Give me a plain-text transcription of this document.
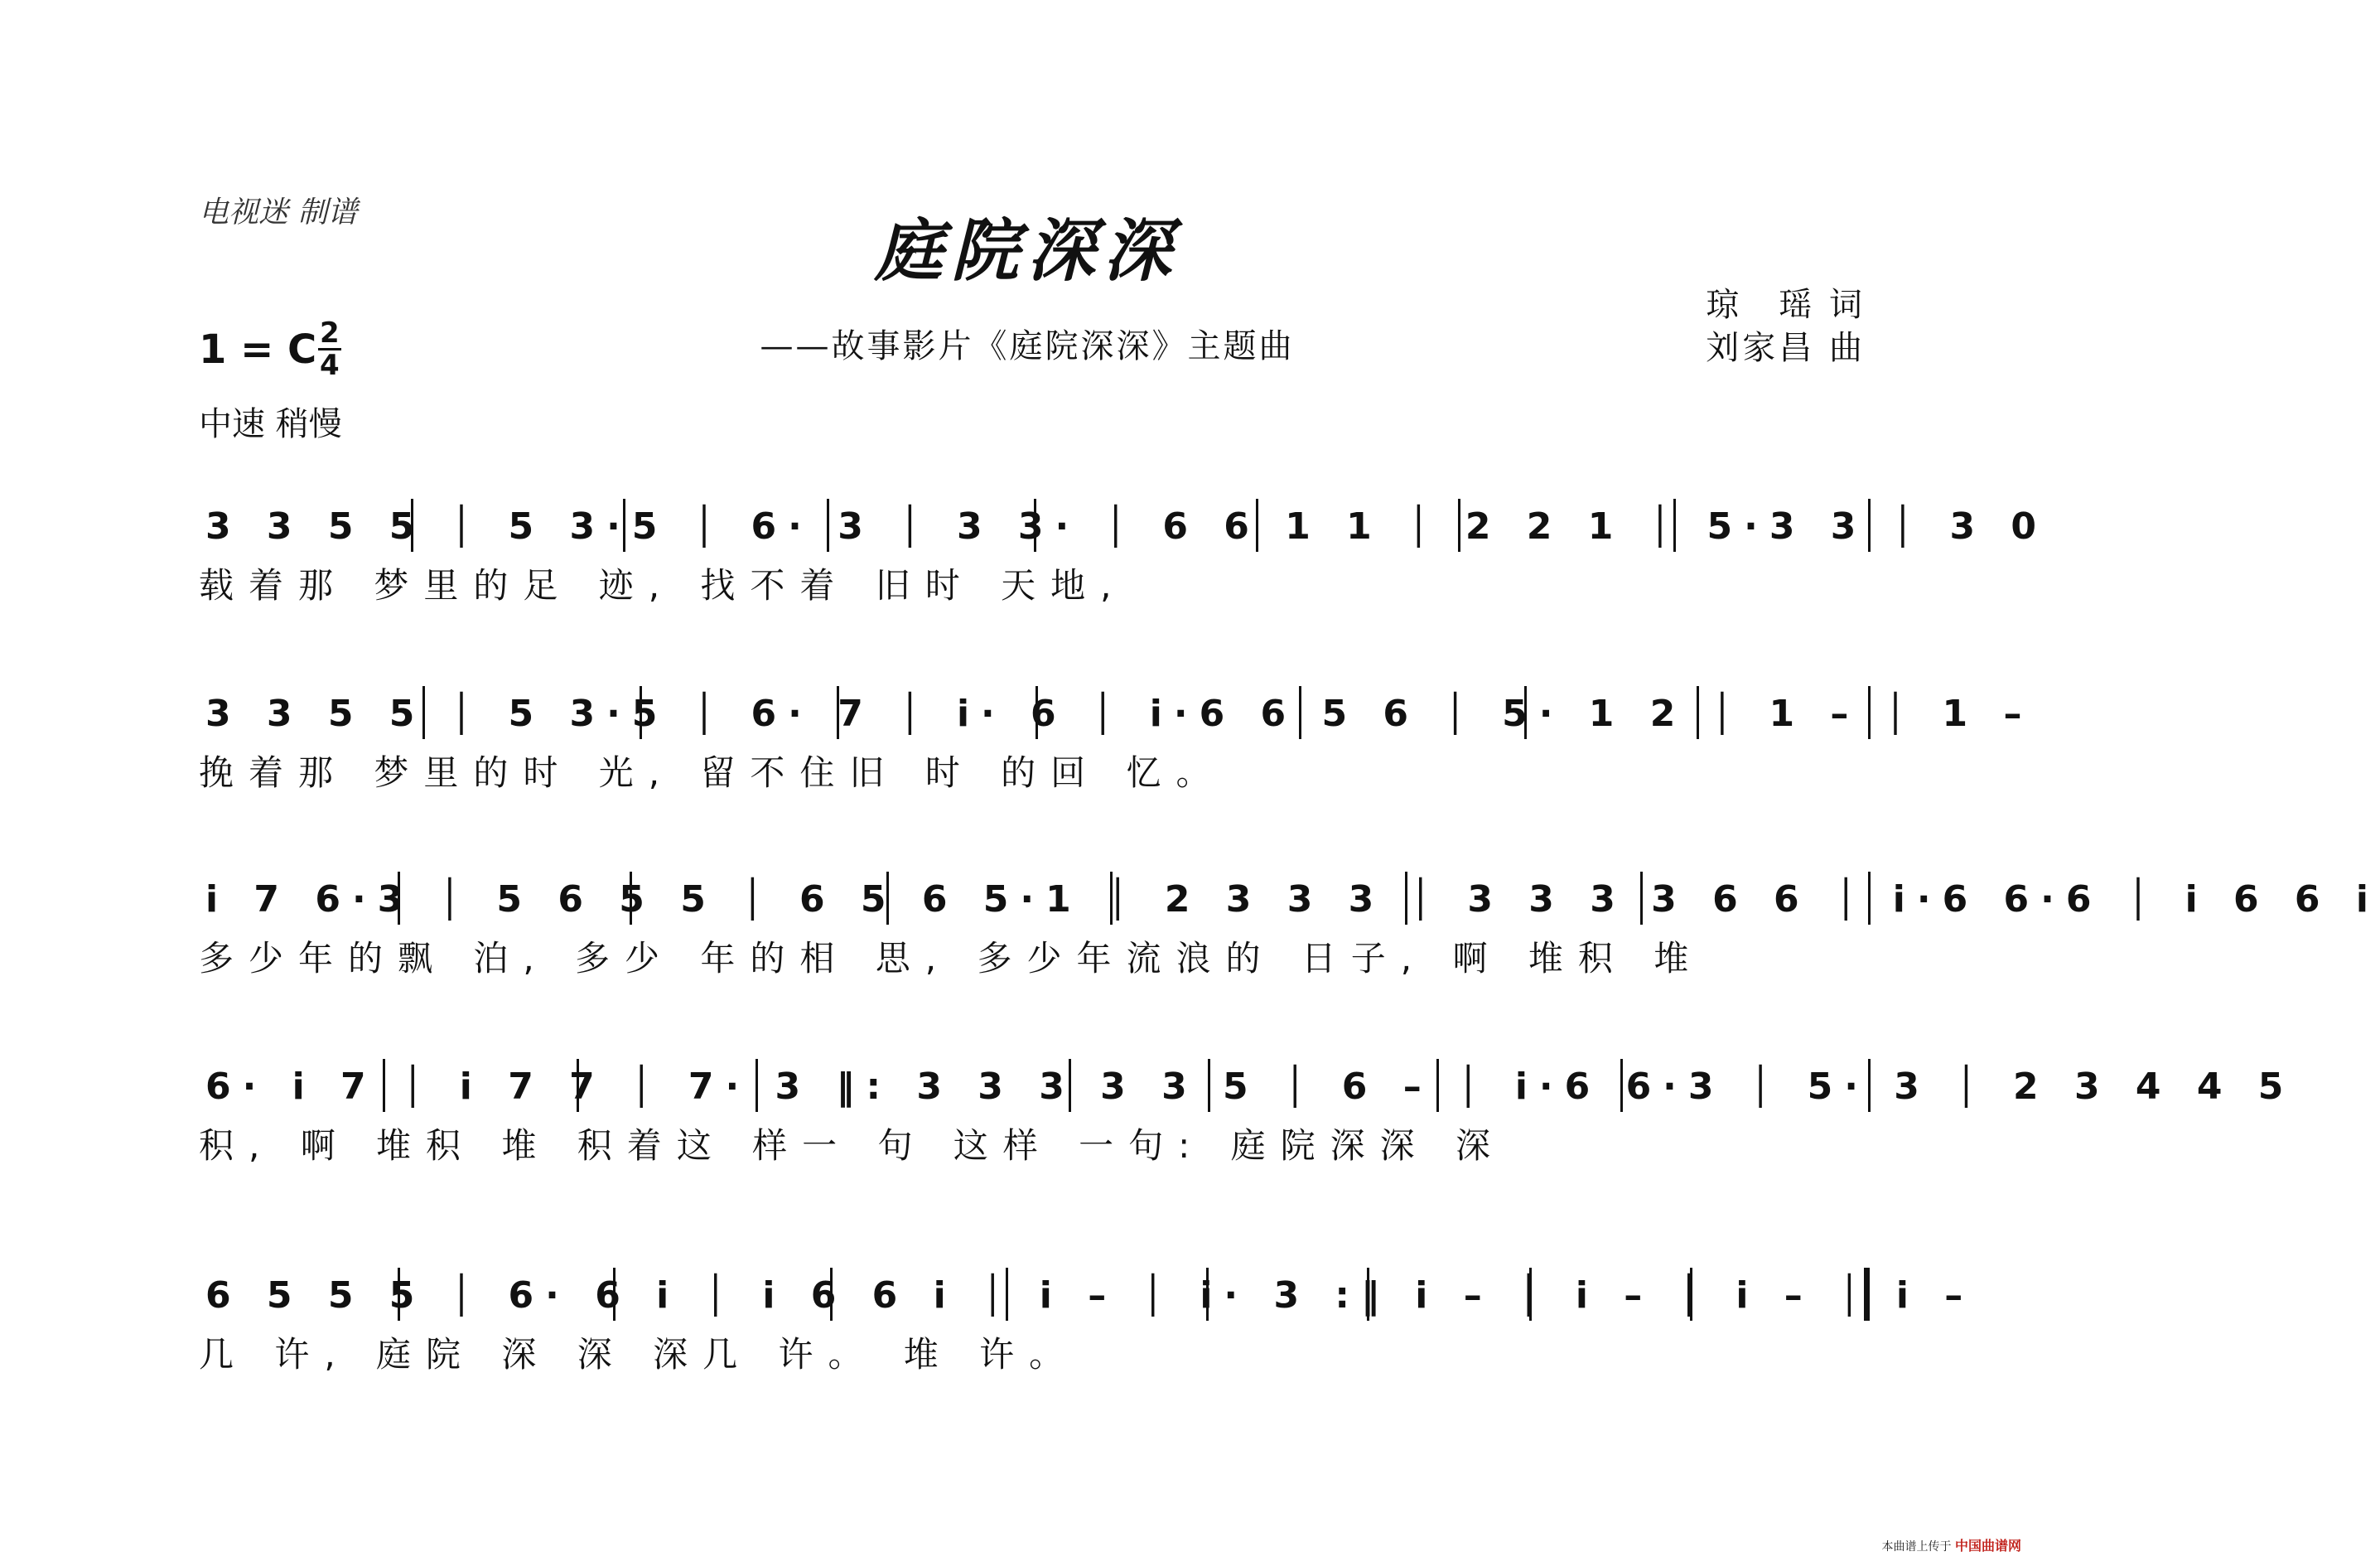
电视迷 制谱	庭院深深
——故事影片《庭院深深》主题曲
琼　瑶 词
刘家昌 曲
1 = C 2
4
中速 稍慢
3 3 5 5 │ 5 3·5 │ 6· 3 │ 3 3· │ 6 6 1 1 │ 2 2 1 │ 5·3 3 │ 3 0
载着那 梦里的足 迹, 找不着 旧时 天地,
3 3 5 5 │ 5 3·5 │ 6· 7 │ i· 6 │ i·6 6 5 6 │ 5· 1 2 │ 1 – │ 1 –
挽着那 梦里的时 光, 留不住旧 时 的回 忆。
i 7 6·3 │ 5 6 5 5 │ 6 5 6 5·1 │ 2 3 3 3 │ 3 3 3 3 6 6 │ i·6 6·6 │ i 6 6 i
多少年的飘 泊, 多少 年的相 思, 多少年流浪的 日子, 啊 堆积 堆
6· i 7 │ i 7 7 │ 7· 3 ‖: 3 3 3 3 3 5 │ 6 – │ i·6 6·3 │ 5· 3 │ 2 3 4 4 5
积, 啊 堆积 堆 积着这 样一 句 这样 一句: 庭院深深 深
6 5 5 5 │ 6· 6 i │ i 6 6 i │ i – │ i· 3 :‖ i – │ i – │ i – │ i –
几 许, 庭院 深 深 深几 许。 堆 许。
本曲谱上传于 中国曲谱网
